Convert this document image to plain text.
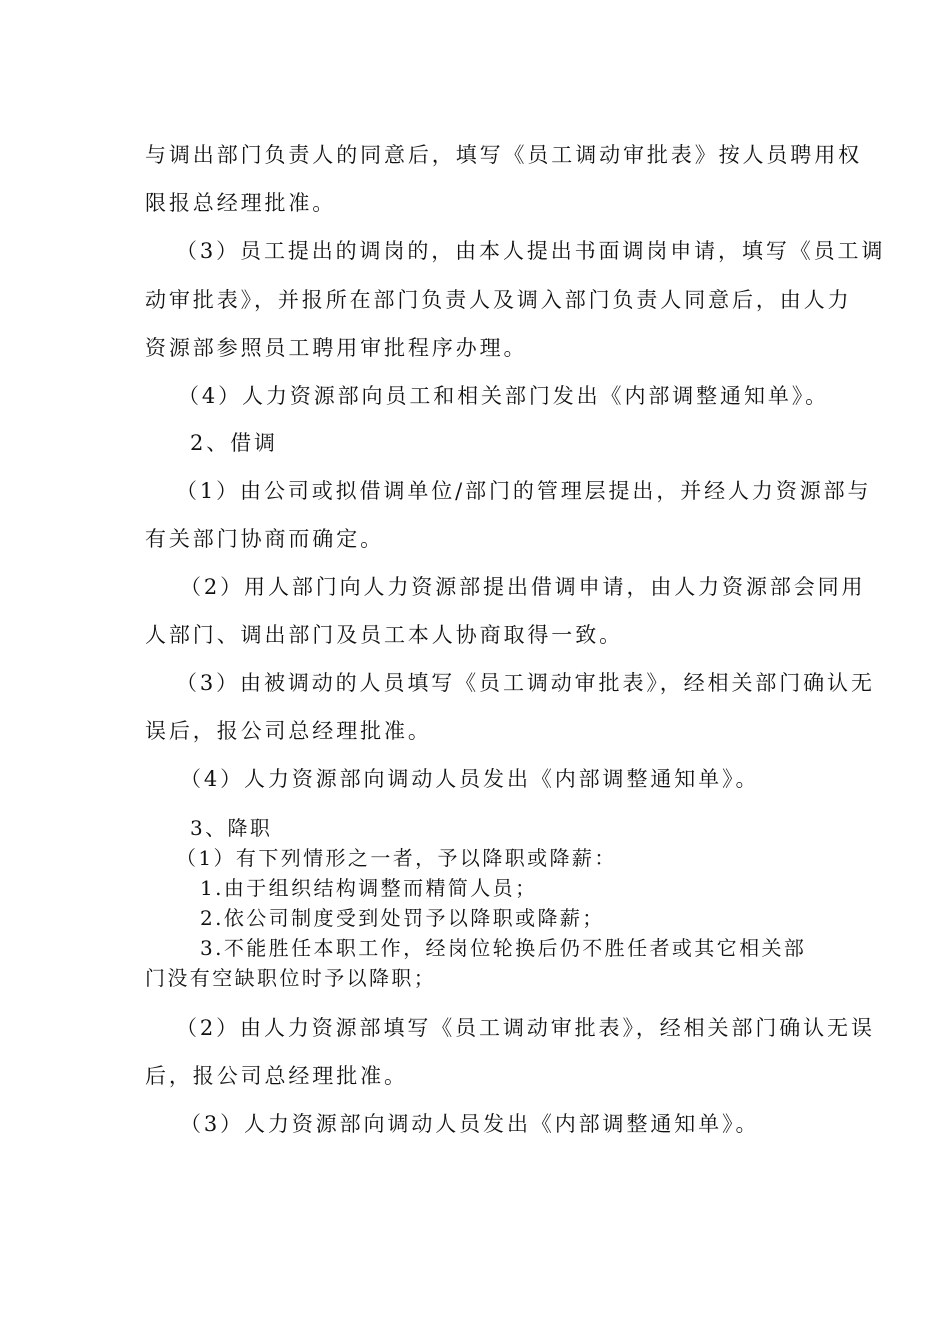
与调出部门负责人的同意后，填写《员工调动审批表》按人员聘用权
限报总经理批准。
（3）员工提出的调岗的，由本人提出书面调岗申请，填写《员工调
动审批表》，并报所在部门负责人及调入部门负责人同意后，由人力
资源部参照员工聘用审批程序办理。
（4）人力资源部向员工和相关部门发出《内部调整通知单》。
2、借调
（1）由公司或拟借调单位/部门的管理层提出，并经人力资源部与
有关部门协商而确定。
（2）用人部门向人力资源部提出借调申请，由人力资源部会同用
人部门、调出部门及员工本人协商取得一致。
（3）由被调动的人员填写《员工调动审批表》，经相关部门确认无
误后，报公司总经理批准。
（4）人力资源部向调动人员发出《内部调整通知单》。
3、降职
（1）有下列情形之一者，予以降职或降薪：
1.由于组织结构调整而精简人员；
2.依公司制度受到处罚予以降职或降薪；
3.不能胜任本职工作，经岗位轮换后仍不胜任者或其它相关部
门没有空缺职位时予以降职；
（2）由人力资源部填写《员工调动审批表》，经相关部门确认无误
后，报公司总经理批准。
（3）人力资源部向调动人员发出《内部调整通知单》。
